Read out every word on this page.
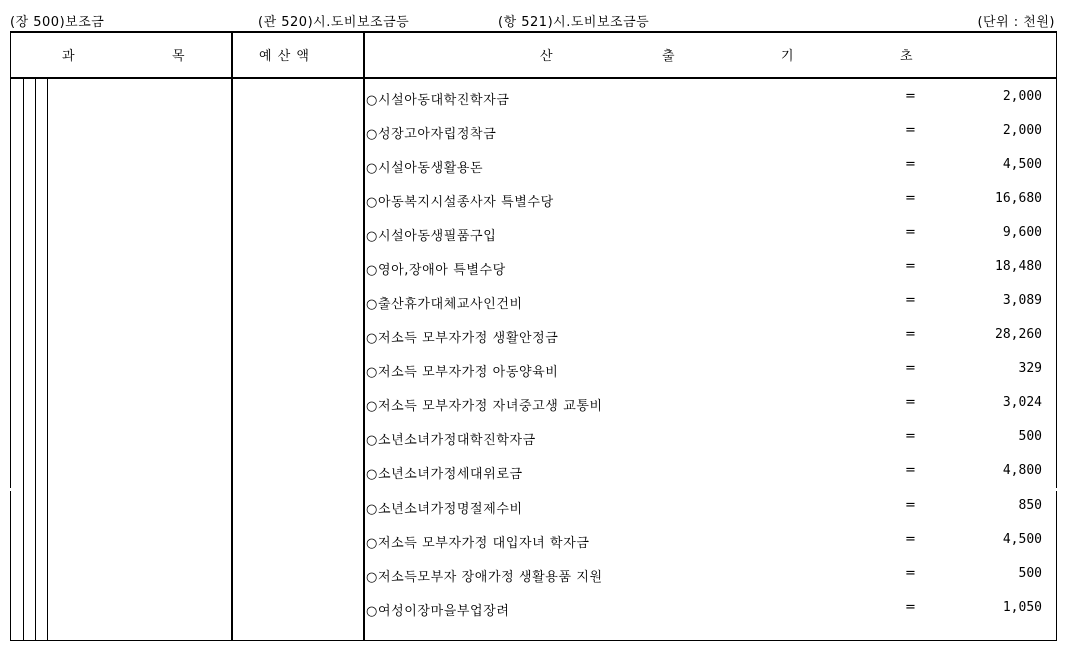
(장 500)보조금	(관 520)시.도비보조금등	(항 521)시.도비보조금등	(단위 : 천원)
과	목	예 산 액	산	출	기	초
○시설아동대학진학자금	=	2,000
○성장고아자립정착금	=	2,000
○시설아동생활용돈	=	4,500
○아동복지시설종사자 특별수당	=	16,680
○시설아동생필품구입	=	9,600
○영아,장애아 특별수당	=	18,480
○출산휴가대체교사인건비	=	3,089
○저소득 모부자가정 생활안정금	=	28,260
○저소득 모부자가정 아동양육비	=	329
○저소득 모부자가정 자녀중고생 교통비	=	3,024
○소년소녀가정대학진학자금	=	500
○소년소녀가정세대위로금	=	4,800
○소년소녀가정명절제수비	=	850
○저소득 모부자가정 대입자녀 학자금	=	4,500
○저소득모부자 장애가정 생활용품 지원	=	500
○여성이장마을부업장려	=	1,050
